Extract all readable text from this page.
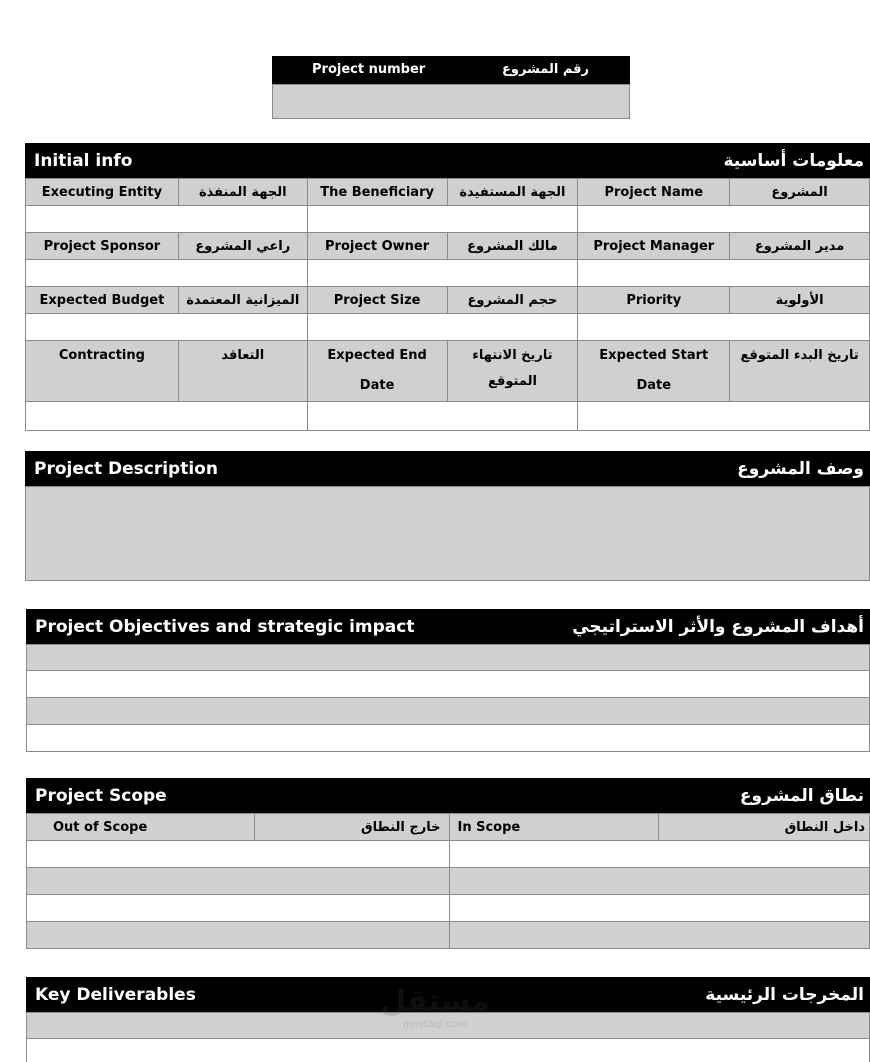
Project number	رقم المشروع
Initial info	معلومات أساسية
Executing Entity	الجهة المنفذة	The Beneficiary	الجهة المستفيدة	Project Name	المشروع

Project Sponsor	راعي المشروع	Project Owner	مالك المشروع	Project Manager	مدير المشروع

Expected Budget	الميزانية المعتمدة	Project Size	حجم المشروع	Priority	الأولوية

Contracting	التعاقد	Expected End Date	تاريخ الانتهاء المتوقع	Expected Start Date	تاريخ البدء المتوقع

Project Description	وصف المشروع
Project Objectives and strategic impact	أهداف المشروع والأثر الاستراتيجي
Project Scope	نطاق المشروع
Out of Scope	خارج النطاق	In Scope	داخل النطاق

Key Deliverables	المخرجات الرئيسية
مستقل
mostaql.com
